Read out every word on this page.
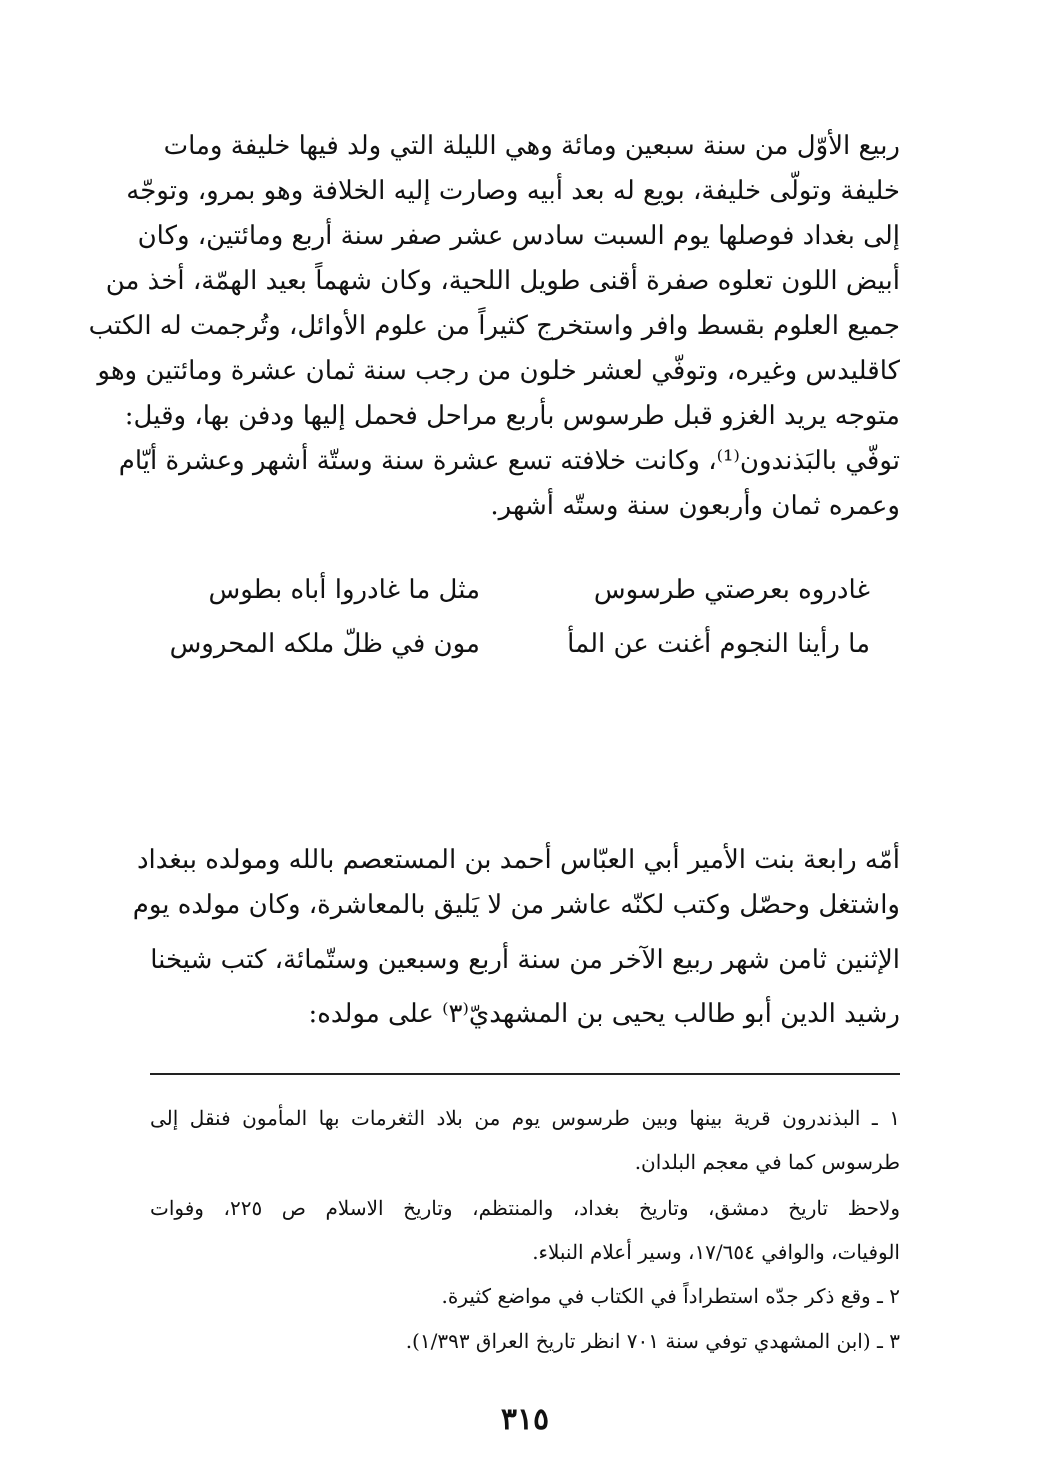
ربيع الأوّل من سنة سبعين ومائة وهي الليلة التي ولد فيها خليفة ومات
خليفة وتولّى خليفة، بويع له بعد أبيه وصارت إليه الخلافة وهو بمرو، وتوجّه
إلى بغداد فوصلها يوم السبت سادس عشر صفر سنة أربع ومائتين، وكان
أبيض اللون تعلوه صفرة أقنى طويل اللحية، وكان شهماً بعيد الهمّة، أخذ من
جميع العلوم بقسط وافر واستخرج كثيراً من علوم الأوائل، وتُرجمت له الكتب
كاقليدس وغيره، وتوفّي لعشر خلون من رجب سنة ثمان عشرة ومائتين وهو
متوجه يريد الغزو قبل طرسوس بأربع مراحل فحمل إليها ودفن بها، وقيل:
توفّي بالبَذندون⁽¹⁾، وكانت خلافته تسع عشرة سنة وستّة أشهر وعشرة أيّام
وعمره ثمان وأربعون سنة وستّه أشهر.
غادروه بعرصتي طرسوس
مثل ما غادروا أباه بطوس
ما رأينا النجوم أغنت عن المأ
مون في ظلّ ملكه المحروس
أمّه رابعة بنت الأمير أبي العبّاس أحمد بن المستعصم بالله ومولده ببغداد
واشتغل وحصّل وكتب لكنّه عاشر من لا يَليق بالمعاشرة، وكان مولده يوم
الإثنين ثامن شهر ربيع الآخر من سنة أربع وسبعين وستّمائة، كتب شيخنا
رشيد الدين أبو طالب يحيى بن المشهديّ⁽٣⁾ على مولده:
١ ـ البذندرون قرية بينها وبين طرسوس يوم من بلاد الثغرمات بها المأمون فنقل إلى
طرسوس كما في معجم البلدان.
ولاحظ تاريخ دمشق، وتاريخ بغداد، والمنتظم، وتاريخ الاسلام ص ٢٢٥، وفوات
الوفيات، والوافي ١٧/٦٥٤، وسير أعلام النبلاء.
٢ ـ وقع ذكر جدّه استطراداً في الكتاب في مواضع كثيرة.
٣ ـ (ابن المشهدي توفي سنة ٧٠١ انظر تاريخ العراق ١/٣٩٣).
٣١٥
